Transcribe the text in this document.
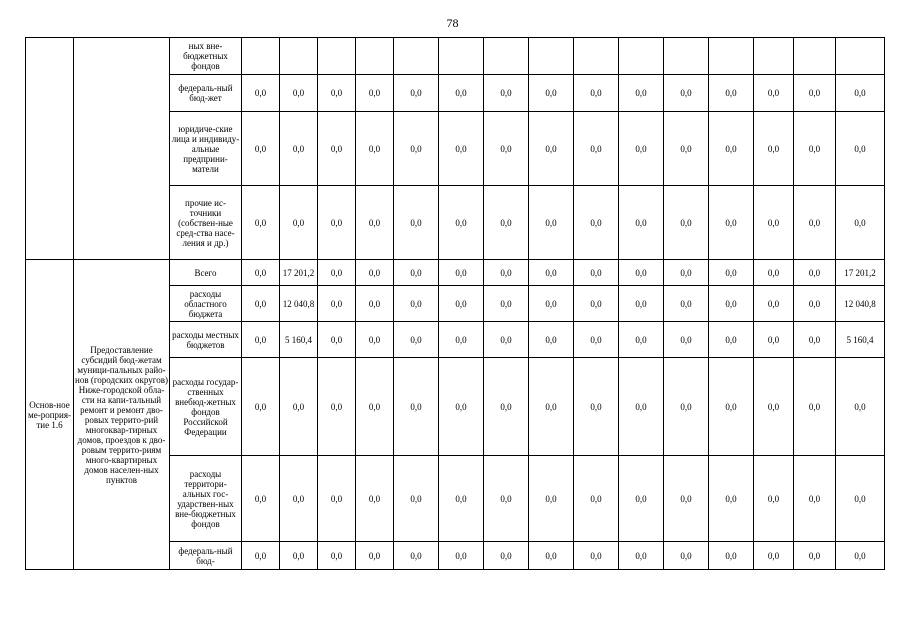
78
		ных вне-бюджетных фондов															
		федераль-ный бюд-жет	0,0	0,0	0,0	0,0	0,0	0,0	0,0	0,0	0,0	0,0	0,0	0,0	0,0	0,0	0,0
		юридиче-ские лица и индивиду-альные предприни-матели	0,0	0,0	0,0	0,0	0,0	0,0	0,0	0,0	0,0	0,0	0,0	0,0	0,0	0,0	0,0
		прочие ис-точники (собствен-ные сред-ства насе-ления и др.)	0,0	0,0	0,0	0,0	0,0	0,0	0,0	0,0	0,0	0,0	0,0	0,0	0,0	0,0	0,0
Основ-ное ме-роприя-тие 1.6	Предоставление субсидий бюд-жетам муници-пальных райо-нов (городских округов) Ниже-городской обла-сти на капи-тальный ремонт и ремонт дво-ровых террито-рий многоквар-тирных домов, проездов к дво-ровым террито-риям много-квартирных домов населен-ных пунктов	Всего	0,0	17 201,2	0,0	0,0	0,0	0,0	0,0	0,0	0,0	0,0	0,0	0,0	0,0	0,0	17 201,2
		расходы областного бюджета	0,0	12 040,8	0,0	0,0	0,0	0,0	0,0	0,0	0,0	0,0	0,0	0,0	0,0	0,0	12 040,8
		расходы местных бюджетов	0,0	5 160,4	0,0	0,0	0,0	0,0	0,0	0,0	0,0	0,0	0,0	0,0	0,0	0,0	5 160,4
		расходы государ-ственных внебюд-жетных фондов Российской Федерации	0,0	0,0	0,0	0,0	0,0	0,0	0,0	0,0	0,0	0,0	0,0	0,0	0,0	0,0	0,0
		расходы территори-альных гос-ударствен-ных вне-бюджетных фондов	0,0	0,0	0,0	0,0	0,0	0,0	0,0	0,0	0,0	0,0	0,0	0,0	0,0	0,0	0,0
		федераль-ный бюд-	0,0	0,0	0,0	0,0	0,0	0,0	0,0	0,0	0,0	0,0	0,0	0,0	0,0	0,0	0,0
